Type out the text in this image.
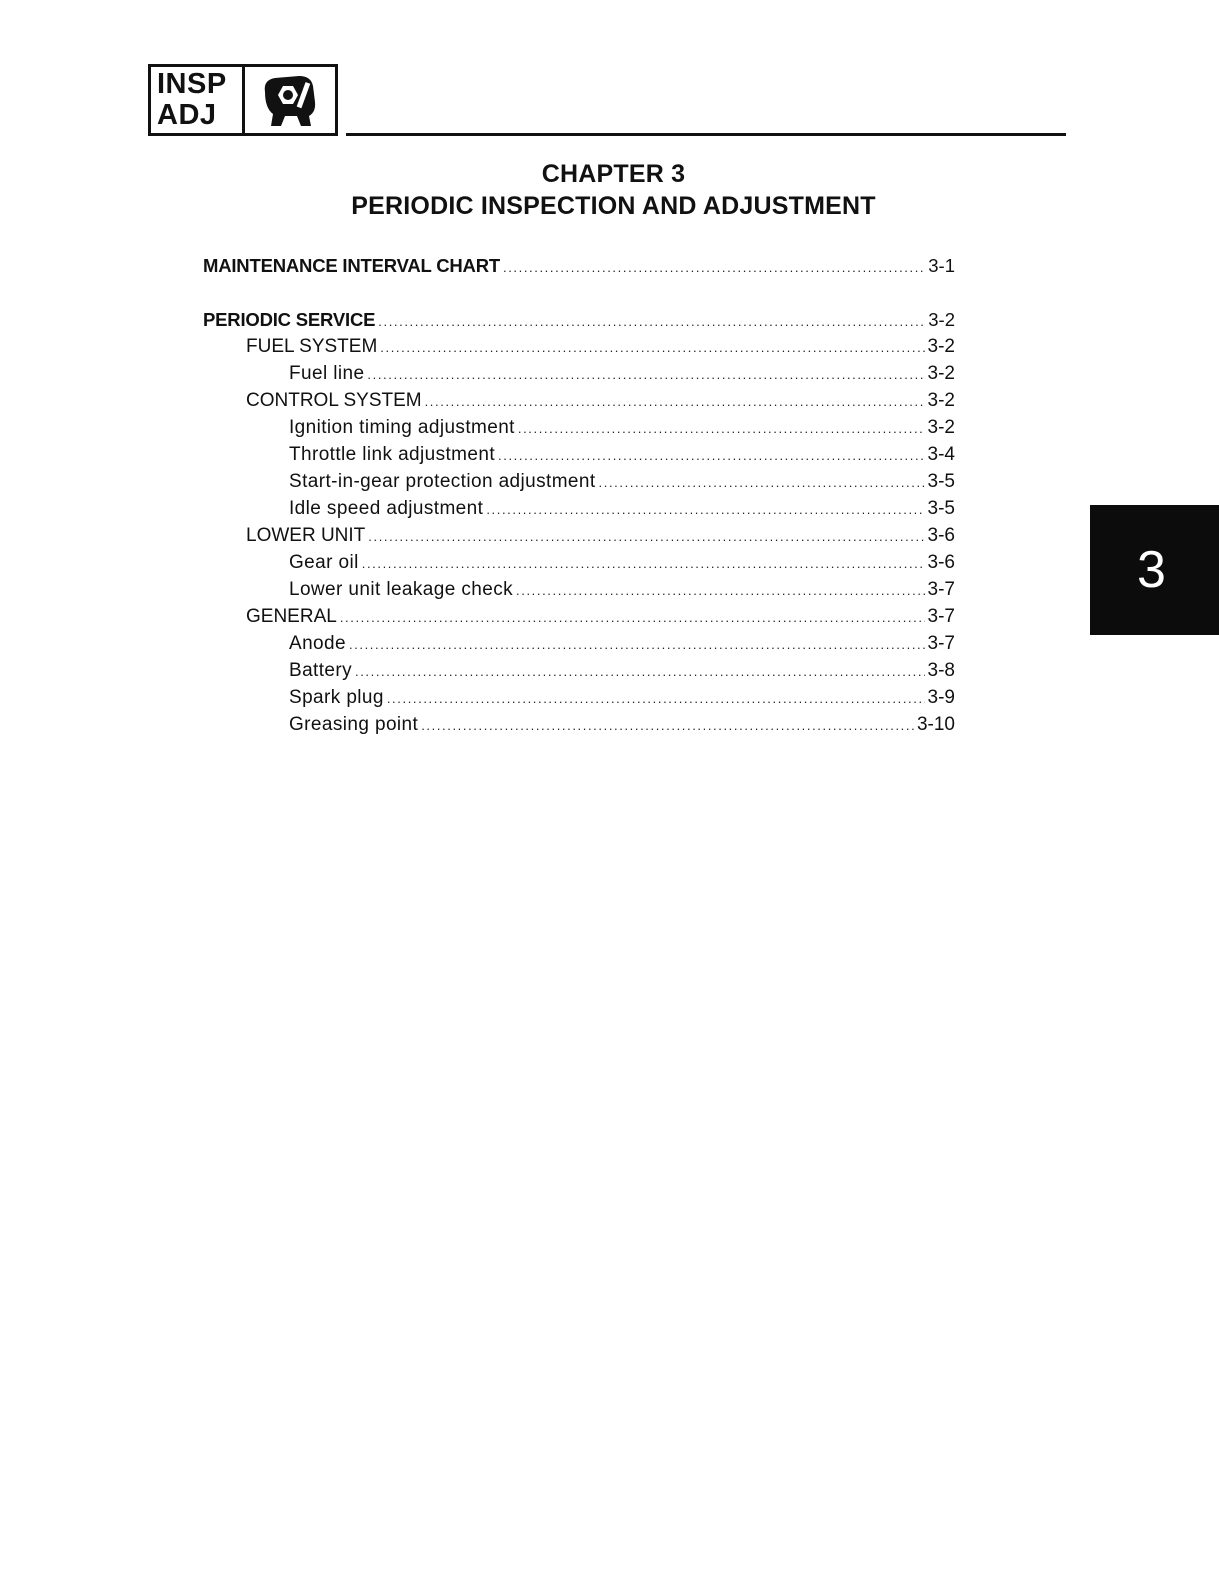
INSP
ADJ
CHAPTER 3
PERIODIC INSPECTION AND ADJUSTMENT
MAINTENANCE INTERVAL CHART .....	3-1
PERIODIC SERVICE .....	3-2
FUEL SYSTEM .....	3-2
Fuel line .....	3-2
CONTROL SYSTEM .....	3-2
Ignition timing adjustment .....	3-2
Throttle link adjustment .....	3-4
Start-in-gear protection adjustment .....	3-5
Idle speed adjustment .....	3-5
LOWER UNIT .....	3-6
Gear oil .....	3-6
Lower unit leakage check .....	3-7
GENERAL .....	3-7
Anode .....	3-7
Battery .....	3-8
Spark plug .....	3-9
Greasing point .....	3-10
3
